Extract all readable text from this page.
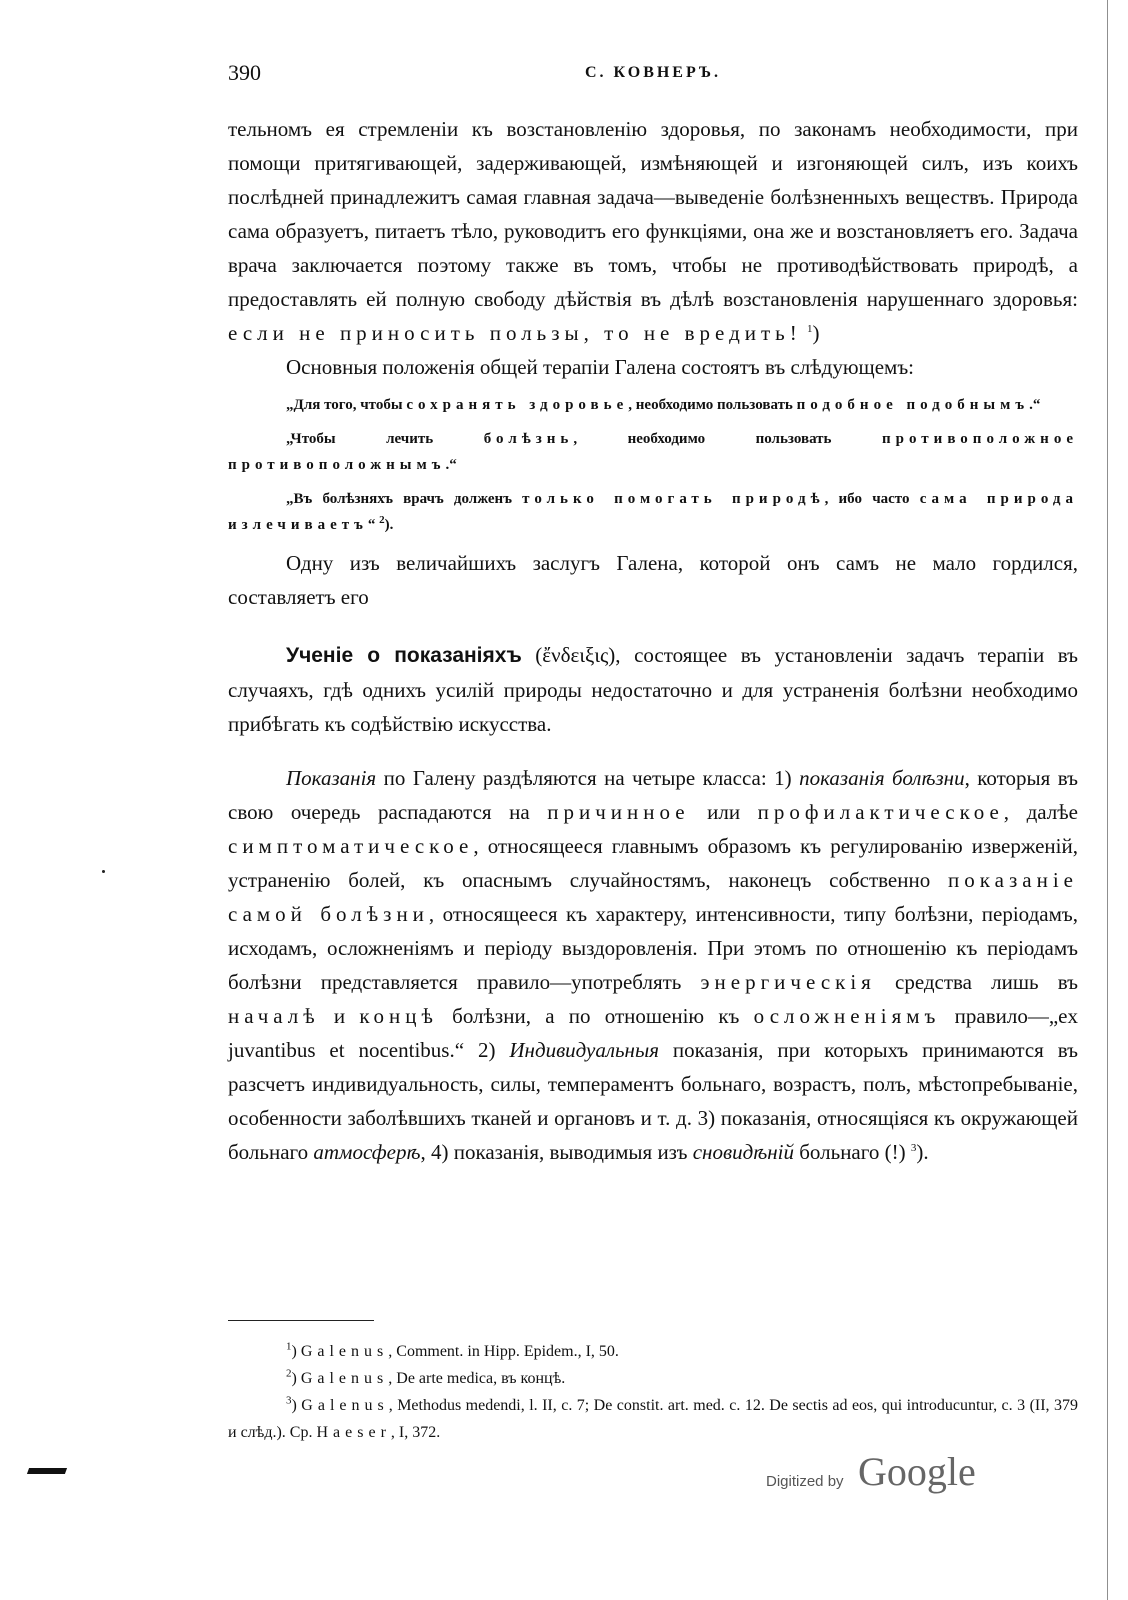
390	С. КОВНЕРЪ.

тельномъ ея стремленіи къ возстановленію здоровья, по законамъ необходимости, при помощи притягивающей, задерживающей, измѣняющей и изгоняющей силъ, изъ коихъ послѣдней принадлежитъ самая главная задача—выведеніе болѣзненныхъ веществъ. Природа сама образуетъ, питаетъ тѣло, руководитъ его функціями, она же и возстановляетъ его. Задача врача заключается поэтому также въ томъ, чтобы не противодѣйствовать природѣ, а предоставлять ей полную свободу дѣйствія въ дѣлѣ возстановленія нарушеннаго здоровья: если не приносить пользы, то не вредить! $^1$)

Основныя положенія общей терапіи Галена состоятъ въ слѣдующемъ:

„Для того, чтобы сохранять здоровье, необходимо пользовать подобное подобнымъ.“

„Чтобы лечить болѣзнь, необходимо пользовать противоположное противоположнымъ.“

„Въ болѣзняхъ врачъ долженъ только помогать природѣ, ибо часто сама природа излечиваетъ“ $^2$).

Одну изъ величайшихъ заслугъ Галена, которой онъ самъ не мало гордился, составляетъ его

Ученіе о показаніяхъ (ἔνδειξις), состоящее въ установленіи задачъ терапіи въ случаяхъ, гдѣ однихъ усилій природы недостаточно и для устраненія болѣзни необходимо прибѣгать къ содѣйствію искусства.

Показанія по Галену раздѣляются на четыре класса: 1) показанія болѣзни, которыя въ свою очередь распадаются на причинное или профилактическое, далѣе симптоматическое, относящееся главнымъ образомъ къ регулированію изверженій, устраненію болей, къ опаснымъ случайностямъ, наконецъ собственно показаніе самой болѣзни, относящееся къ характеру, интенсивности, типу болѣзни, періодамъ, исходамъ, осложненіямъ и періоду выздоровленія. При этомъ по отношенію къ періодамъ болѣзни представляется правило—употреблять энергическія средства лишь въ началѣ и концѣ болѣзни, а по отношенію къ осложненіямъ правило—„ex juvantibus et nocentibus.“ 2) Индивидуальныя показанія, при которыхъ принимаются въ разсчетъ индивидуальность, силы, темпераментъ больнаго, возрастъ, полъ, мѣстопребываніе, особенности заболѣвшихъ тканей и органовъ и т. д. 3) показанія, относящіяся къ окружающей больнаго атмосферѣ, 4) показанія, выводимыя изъ сновидѣній больнаго (!) $^3$).

$^1$) Galenus, Comment. in Hipp. Epidem., I, 50.

$^2$) Galenus, De arte medica, въ концѣ.

$^3$) Galenus, Methodus medendi, l. II, c. 7; De constit. art. med. c. 12. De sectis ad eos, qui introducuntur, c. 3 (II, 379 и слѣд.). Ср. Haeser, I, 372.

Digitized by Google
